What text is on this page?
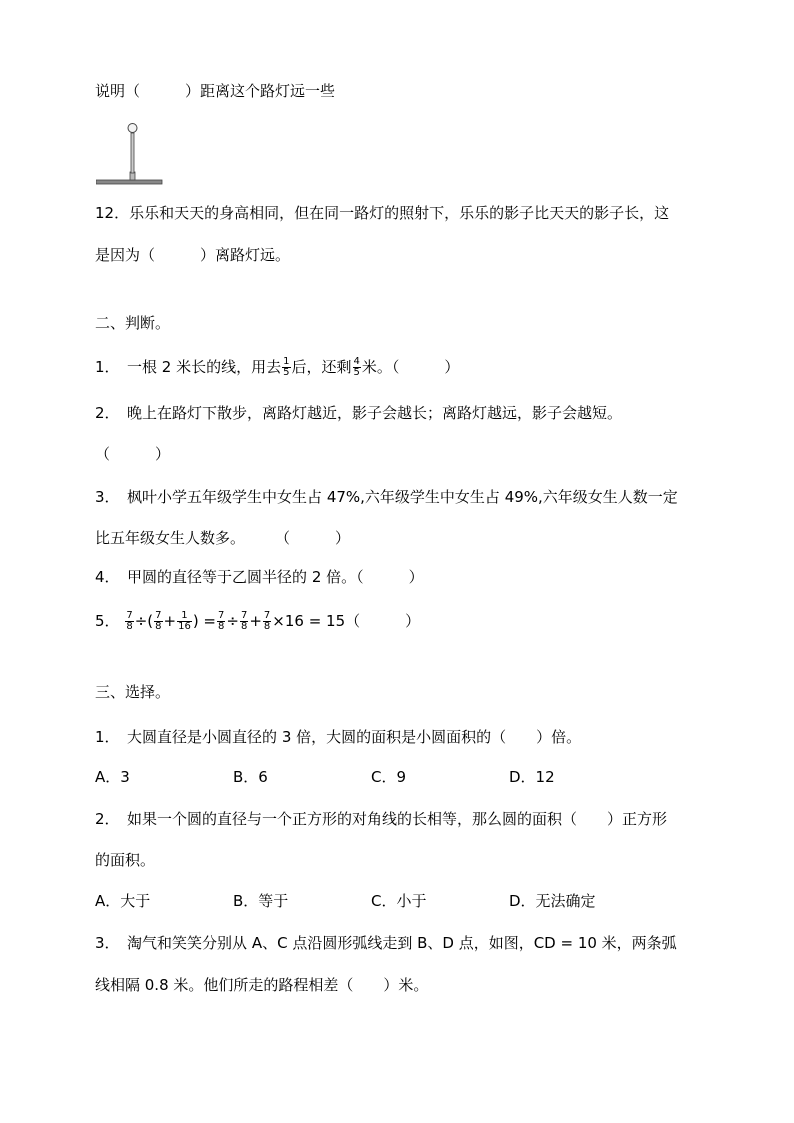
说明（　　　	）距离这个路灯远一些
12．乐乐和天天的身高相同，但在同一路灯的照射下，乐乐的影子比天天的影子长，这
是因为（　　　）离路灯远。
二、判断。
1．　一根 2 米长的线，用去 $\frac{1}{5}$ 后，还剩 $\frac{4}{5}$ 米。（　　　）
2．　晚上在路灯下散步，离路灯越近，影子会越长；离路灯越远，影子会越短。
（　　　）
3．　枫叶小学五年级学生中女生占 47%,六年级学生中女生占 49%,六年级女生人数一定
比五年级女生人数多。　　　（　　　）
4．　甲圆的直径等于乙圆半径的 2 倍。（　　　）
5． $\frac{7}{8}$ ÷( $\frac{7}{8} + \frac{1}{16}$ ) = $\frac{7}{8} \div \frac{7}{8} + \frac{7}{8} \times 16 = 15$（　　　）
三、选择。
1．　大圆直径是小圆直径的 3 倍，大圆的面积是小圆面积的（　　）倍。
A．3	B．6	C．9	D．12
2．　如果一个圆的直径与一个正方形的对角线的长相等，那么圆的面积（　　）正方形
的面积。
A．大于	B．等于	C．小于	D．无法确定
3．　淘气和笑笑分别从 A、C 点沿圆形弧线走到 B、D 点，如图，CD = 10 米，两条弧
线相隔 0.8 米。他们所走的路程相差（　　）米。
